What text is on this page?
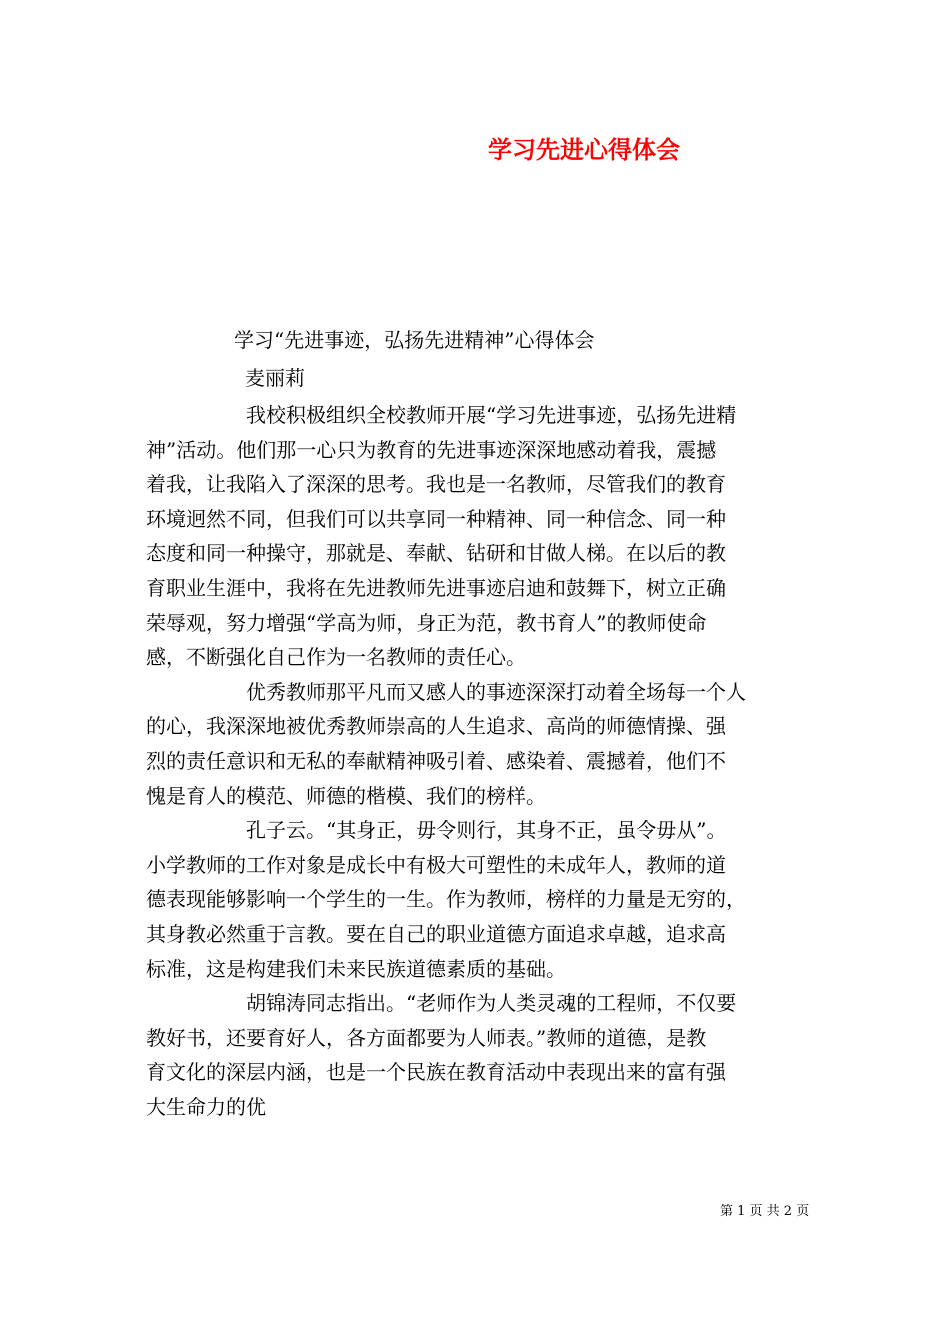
学习先进心得体会

学习“先进事迹，弘扬先进精神”心得体会

麦丽莉

我校积极组织全校教师开展“学习先进事迹，弘扬先进精
神”活动。他们那一心只为教育的先进事迹深深地感动着我，震撼
着我，让我陷入了深深的思考。我也是一名教师，尽管我们的教育
环境迥然不同，但我们可以共享同一种精神、同一种信念、同一种
态度和同一种操守，那就是、奉献、钻研和甘做人梯。在以后的教
育职业生涯中，我将在先进教师先进事迹启迪和鼓舞下，树立正确
荣辱观，努力增强“学高为师，身正为范，教书育人”的教师使命
感，不断强化自己作为一名教师的责任心。
优秀教师那平凡而又感人的事迹深深打动着全场每一个人
的心，我深深地被优秀教师崇高的人生追求、高尚的师德情操、强
烈的责任意识和无私的奉献精神吸引着、感染着、震撼着，他们不
愧是育人的模范、师德的楷模、我们的榜样。
孔子云。“其身正，毋令则行，其身不正，虽令毋从”。
小学教师的工作对象是成长中有极大可塑性的未成年人，教师的道
德表现能够影响一个学生的一生。作为教师，榜样的力量是无穷的，
其身教必然重于言教。要在自己的职业道德方面追求卓越，追求高
标准，这是构建我们未来民族道德素质的基础。
胡锦涛同志指出。“老师作为人类灵魂的工程师，不仅要
教好书，还要育好人，各方面都要为人师表。”教师的道德，是教
育文化的深层内涵，也是一个民族在教育活动中表现出来的富有强
大生命力的优

第 1 页 共 2 页
